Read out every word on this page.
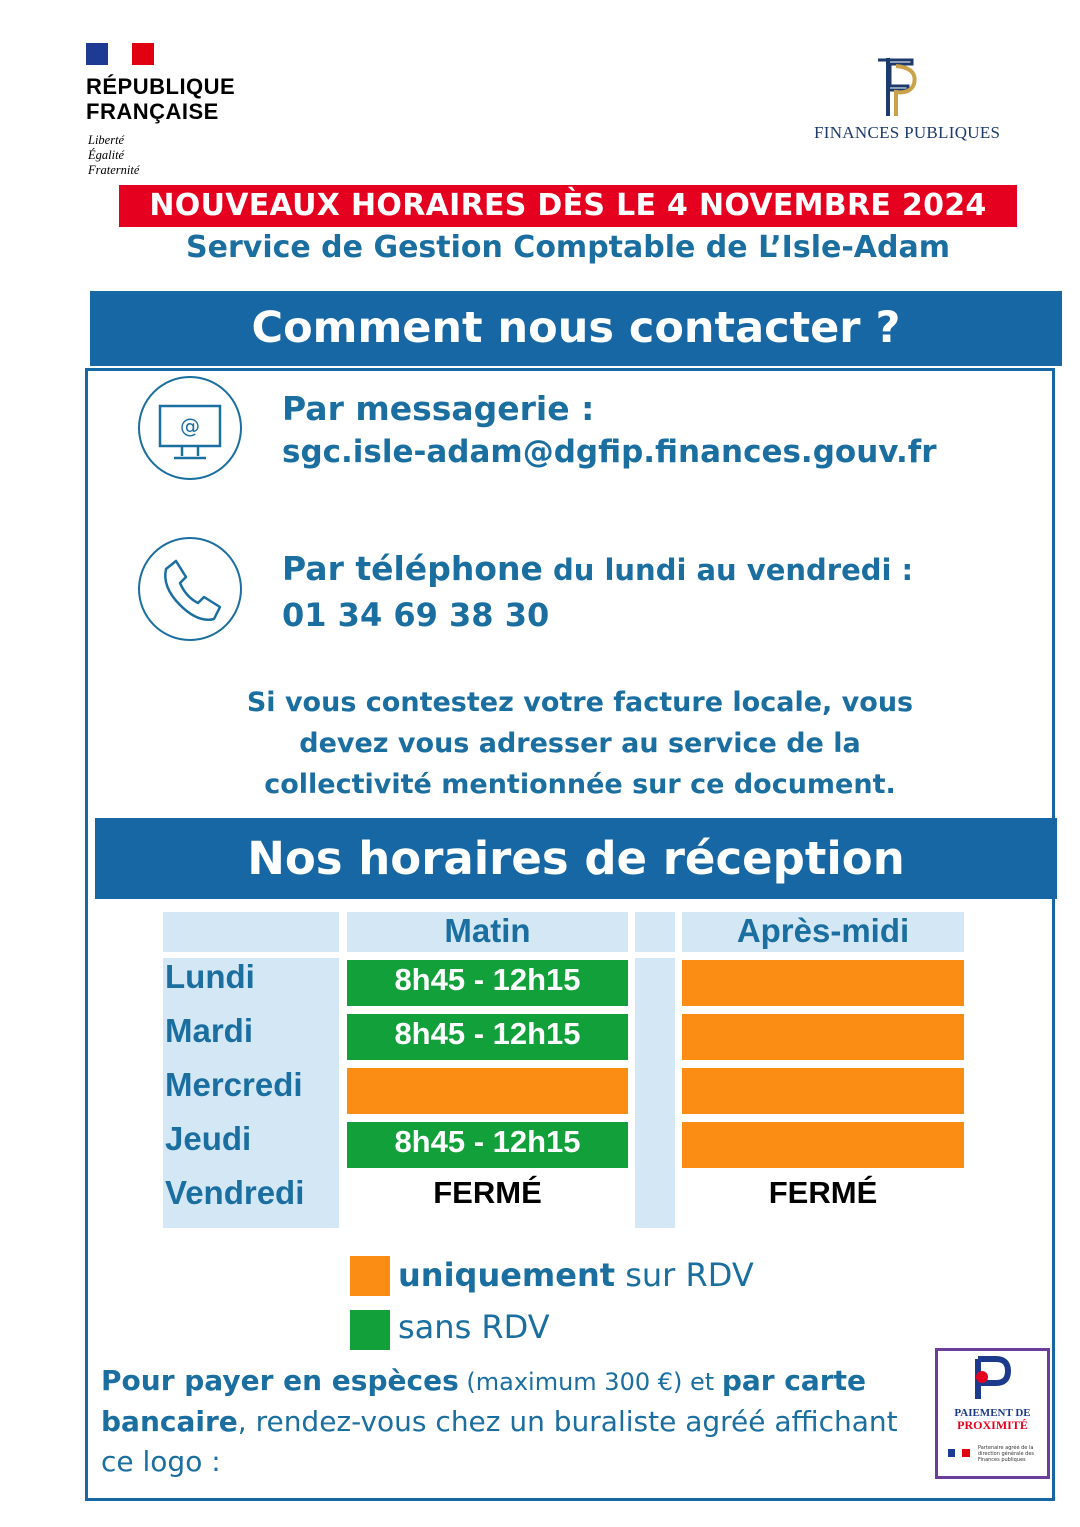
RÉPUBLIQUE
FRANÇAISE
Liberté
Égalité
Fraternité
FINANCES PUBLIQUES
NOUVEAUX HORAIRES DÈS LE 4 NOVEMBRE 2024
Service de Gestion Comptable de L’Isle-Adam
Comment nous contacter ?
@ Par messagerie :
sgc.isle-adam@dgfip.finances.gouv.fr
Par téléphone du lundi au vendredi :
01 34 69 38 30
Si vous contestez votre facture locale, vous devez vous adresser au service de la collectivité mentionnée sur ce document.
Nos horaires de réception
Matin	Après-midi
Lundi	8h45 - 12h15
Mardi	8h45 - 12h15
Mercredi
Jeudi	8h45 - 12h15
Vendredi	FERMÉ	FERMÉ
uniquement sur RDV
sans RDV
Pour payer en espèces (maximum 300 €) et par carte bancaire, rendez-vous chez un buraliste agréé affichant ce logo :
PAIEMENT DE
PROXIMITÉ
Partenaire agréé de la direction générale des Finances publiques
